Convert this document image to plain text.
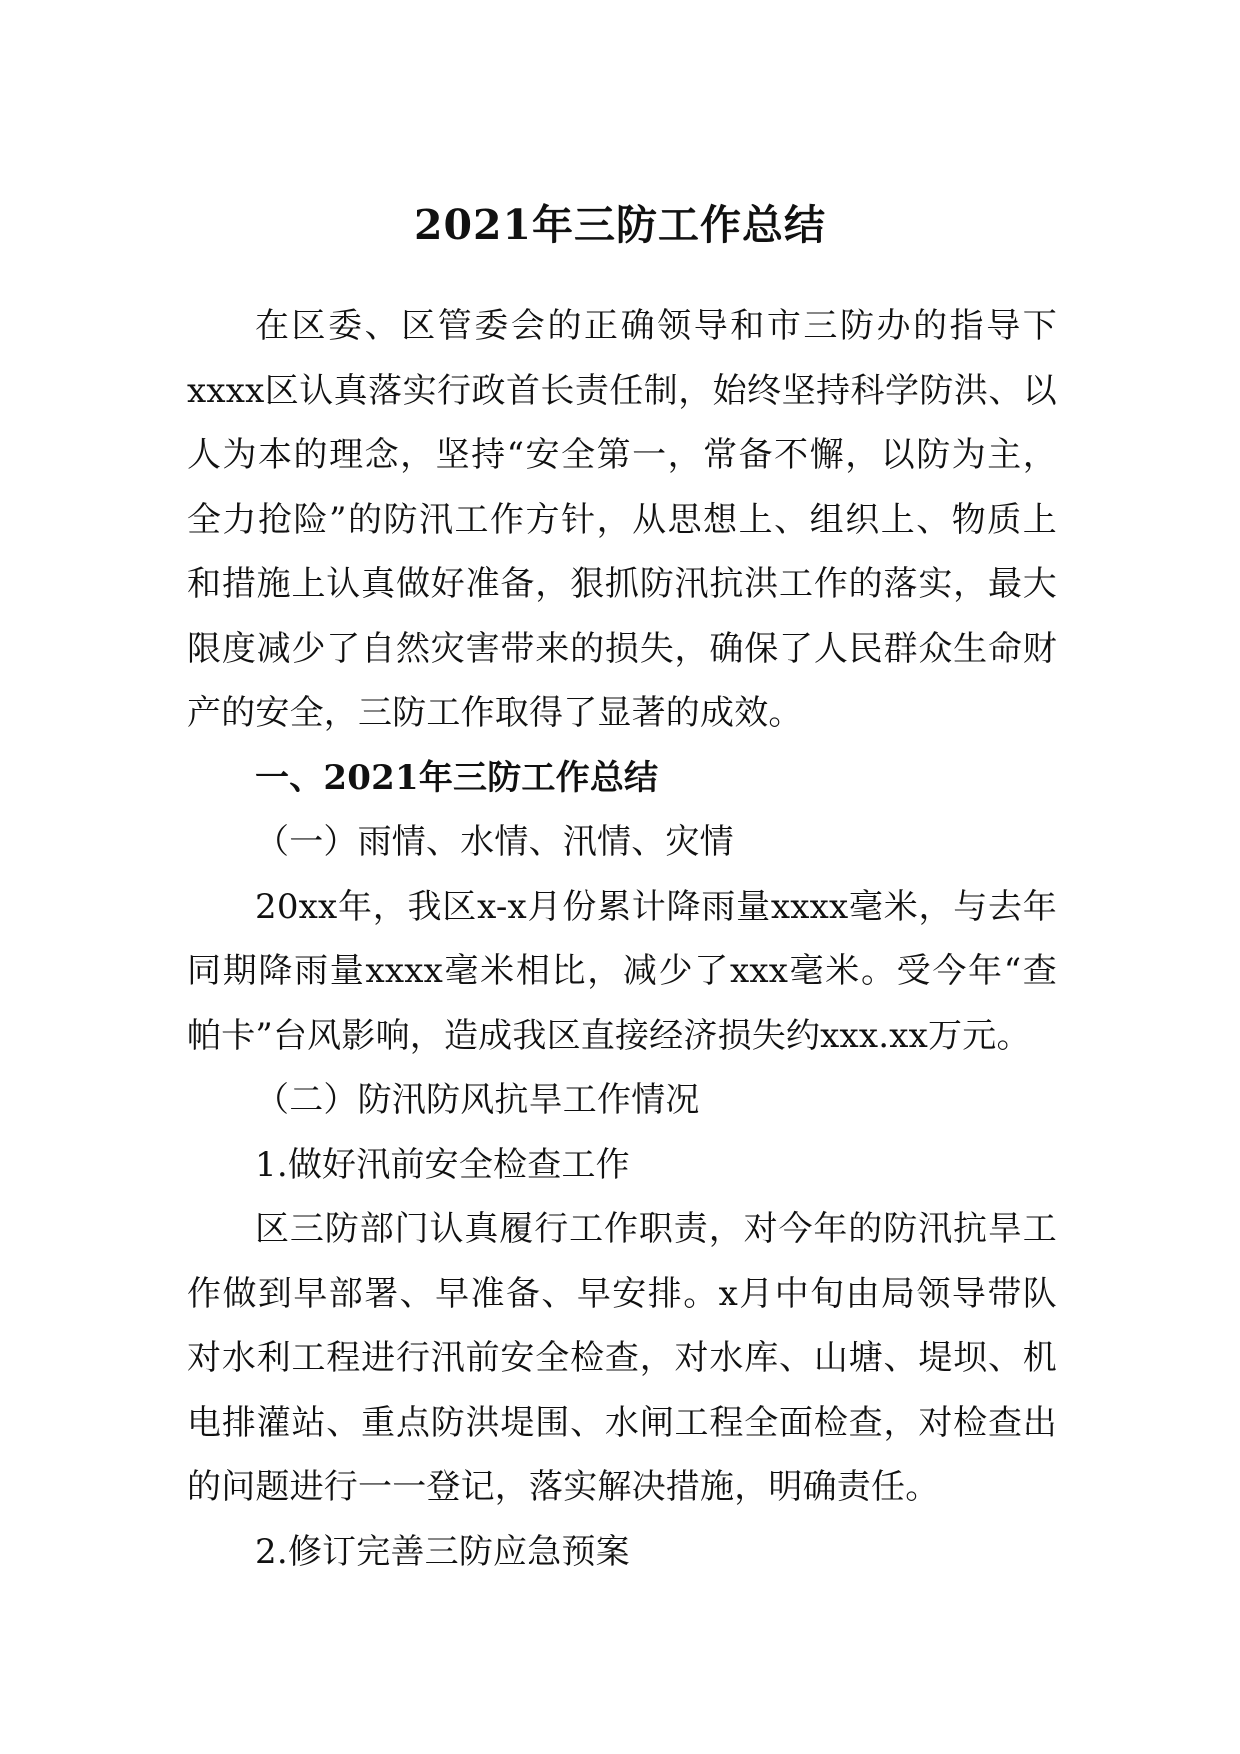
2021年三防工作总结

在区委、区管委会的正确领导和市三防办的指导下xxxx区认真落实行政首长责任制，始终坚持科学防洪、以人为本的理念，坚持“安全第一，常备不懈，以防为主，全力抢险”的防汛工作方针，从思想上、组织上、物质上和措施上认真做好准备，狠抓防汛抗洪工作的落实，最大限度减少了自然灾害带来的损失，确保了人民群众生命财产的安全，三防工作取得了显著的成效。

一、2021年三防工作总结

（一）雨情、水情、汛情、灾情

20xx年，我区x-x月份累计降雨量xxxx毫米，与去年同期降雨量xxxx毫米相比，减少了xxx毫米。受今年“查帕卡”台风影响，造成我区直接经济损失约xxx.xx万元。

（二）防汛防风抗旱工作情况

1.做好汛前安全检查工作

区三防部门认真履行工作职责，对今年的防汛抗旱工作做到早部署、早准备、早安排。x月中旬由局领导带队对水利工程进行汛前安全检查，对水库、山塘、堤坝、机电排灌站、重点防洪堤围、水闸工程全面检查，对检查出的问题进行一一登记，落实解决措施，明确责任。

2.修订完善三防应急预案
